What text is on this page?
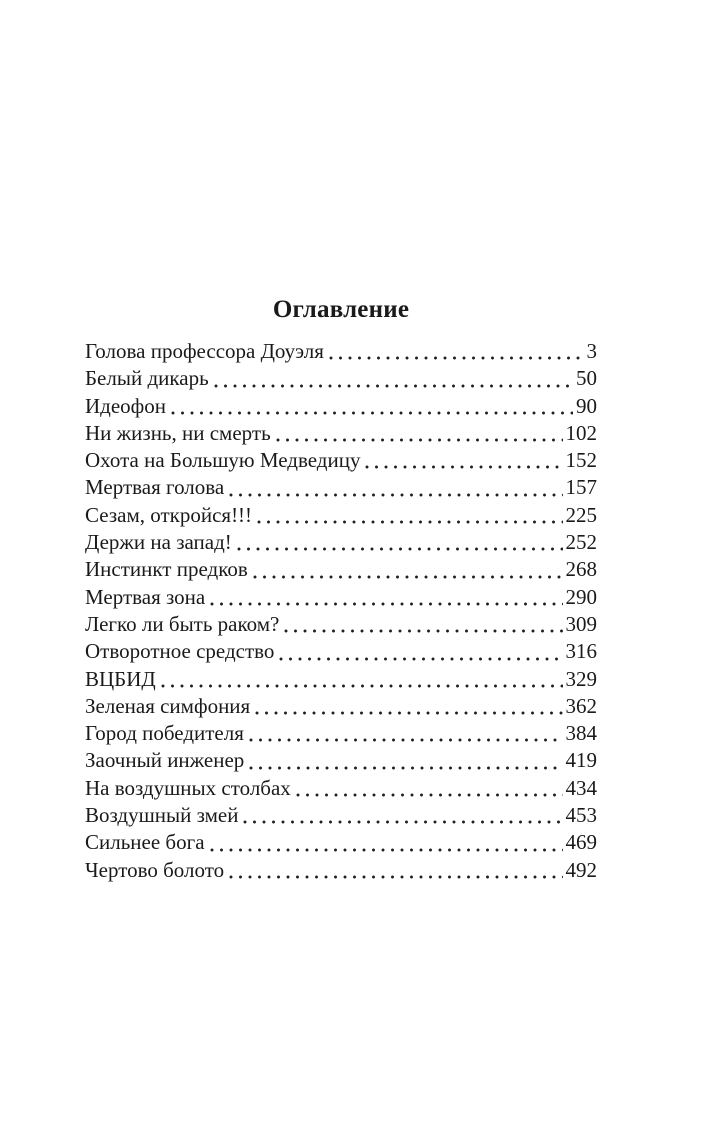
Оглавление
Голова профессора Доуэля	3
Белый дикарь	50
Идеофон	90
Ни жизнь, ни смерть	102
Охота на Большую Медведицу	152
Мертвая голова	157
Сезам, откройся!!!	225
Держи на запад!	252
Инстинкт предков	268
Мертвая зона	290
Легко ли быть раком?	309
Отворотное средство	316
ВЦБИД	329
Зеленая симфония	362
Город победителя	384
Заочный инженер	419
На воздушных столбах	434
Воздушный змей	453
Сильнее бога	469
Чертово болото	492
